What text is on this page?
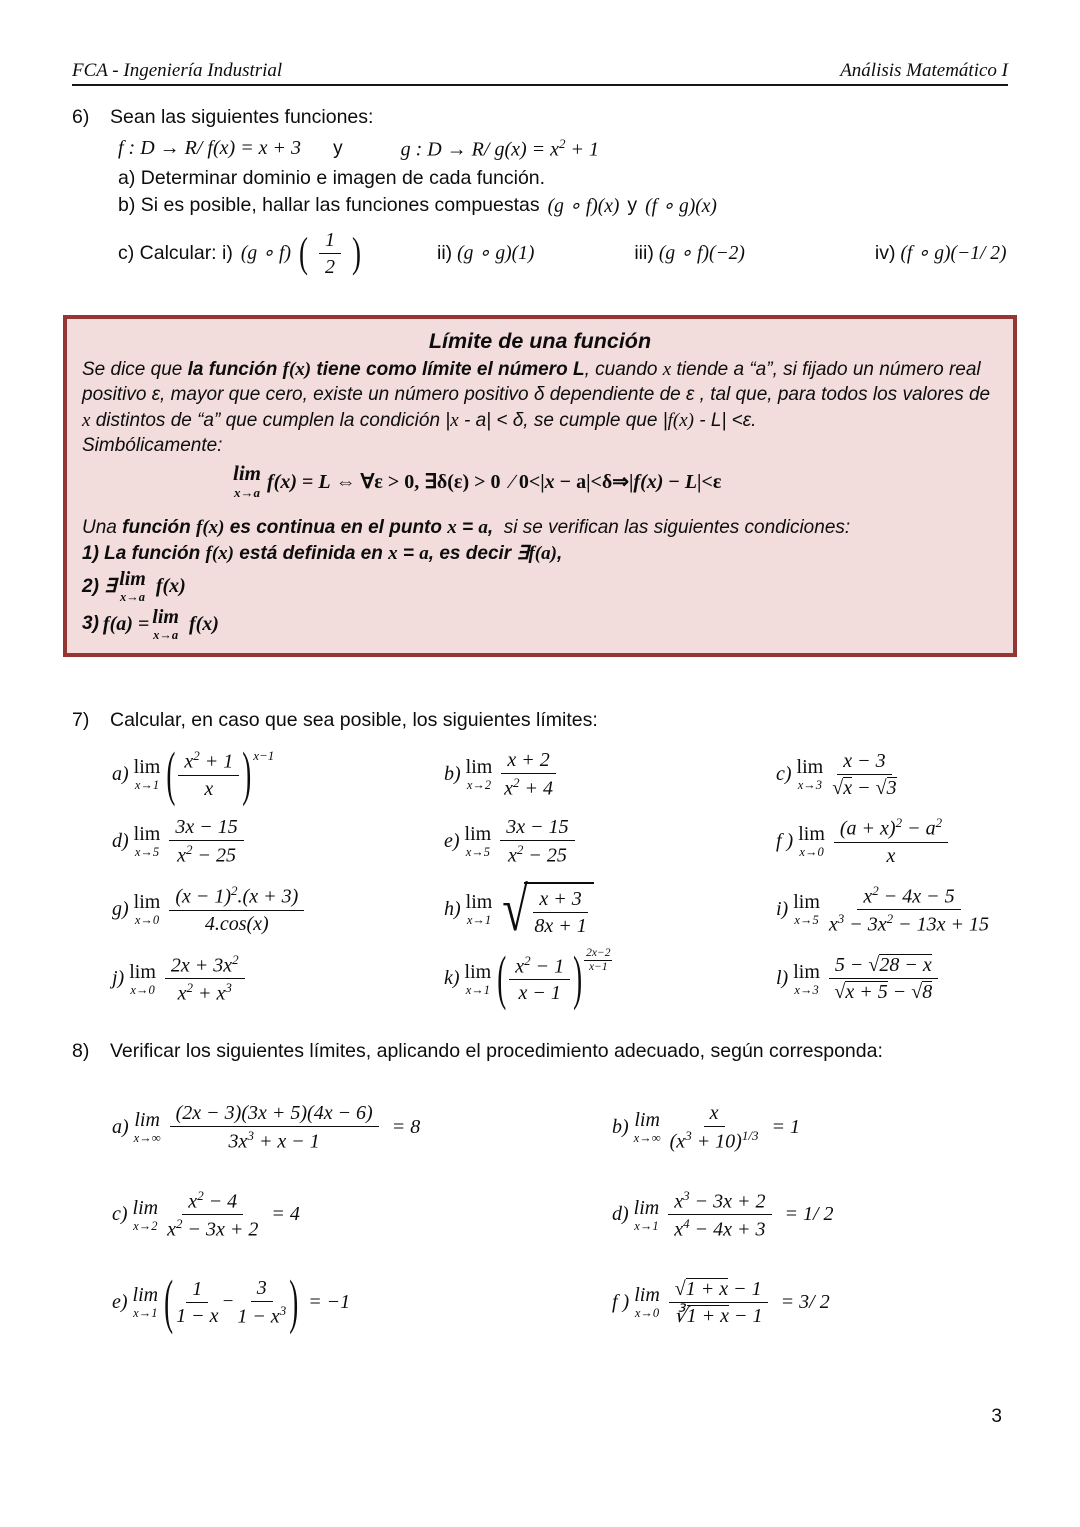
FCA - Ingeniería Industrial	Análisis Matemático I
6)	Sean las siguientes funciones:
f : D → R/ f(x) = x + 3 y	g : D → R/ $g(x) = x^2 + 1$
a) Determinar dominio e imagen de cada función.
b) Si es posible, hallar las funciones compuestas (g ∘ f)(x) y (f ∘ g)(x)
c) Calcular: i) (g ∘ f) ( $\frac{1}{2}$ )	ii) (g ∘ g)(1)	iii) (g ∘ f)(−2)	iv) (f ∘ g)(−1/ 2)
Límite de una función
Se dice que la función f(x) tiene como límite el número L, cuando x tiende a “a”, si fijado un número real positivo ε, mayor que cero, existe un número positivo δ dependiente de ε , tal que, para todos los valores de x distintos de “a” que cumplen la condición |x - a| < δ, se cumple que |f(x) - L| <ε.
Simbólicamente:
lim
x→a f(x) = L ⇔ ∀ε > 0, ∃δ(ε) > 0  ∕ 0<|x − a|<δ⇒|f(x) − L|<ε
Una función f(x) es continua en el punto x = a,  si se verifican las siguientes condiciones:
1) La función f(x) está definida en x = a, es decir ∃f(a),
2) ∃ lim
x→a
f(x)
3) f(a) = lim
x→a
f(x)
7)	Calcular, en caso que sea posible, los siguientes límites:
a) lim
x→1 ( $\frac{x^2 + 1}{x}$ ) x−1
b) lim
$x\to 2 \frac{x + 2}{x^2 + 4}$	c) lim
$x\to 3 \frac{x - 3}{√x - √3}$
d) lim
$x\to 5 \frac{3x - 15}{x^2 - 25}$	e) lim
$x\to 5 \frac{3x - 15}{x^2 - 25}$	f ) lim
$x\to 0 \frac{(a + x)^2 - a^2}{x}$
g) lim
$x\to 0 \frac{(x - 1)^2.(x + 3)}{4.\cos(x)}$	h) lim
x→1 √ $\frac{x + 3}{8x + 1}$	i) lim
$x\to 5 \frac{x^2 - 4x - 5}{x^3 - 3x^2 - 13x + 15}$
j) lim
$x\to 0 \frac{2x + 3x^2}{x^2 + x^3}$	k) lim
x→1 ( $\frac{x^2 - 1}{x - 1}$ ) 2x−2
x−1
l) lim
$x\to 3 \frac{5 - √28 - x}{√x + 5 - √8}$
8)	Verificar los siguientes límites, aplicando el procedimiento adecuado, según corresponda:
a) lim
$x\to\infty \frac{(2x - 3)(3x + 5)(4x - 6)}{3x^3 + x - 1} = 8$	b) lim
$x\to\infty \frac{x}{(x^3 + 10)^{1/3}} = 1$
c) lim
$x\to 2 \frac{x^2 - 4}{x^2 - 3x + 2} = 4$	d) lim
$x\to 1 \frac{x^3 - 3x + 2}{x^4 - 4x + 3} = 1/$ 2
e) lim
x→1 ( $\frac{1}{1 - x} - \frac{3}{1 - x^3}$ ) = −1	f ) lim
$x\to 0 \frac{√1 + x - 1}{∛1 + x - 1} = 3/$ 2
3
